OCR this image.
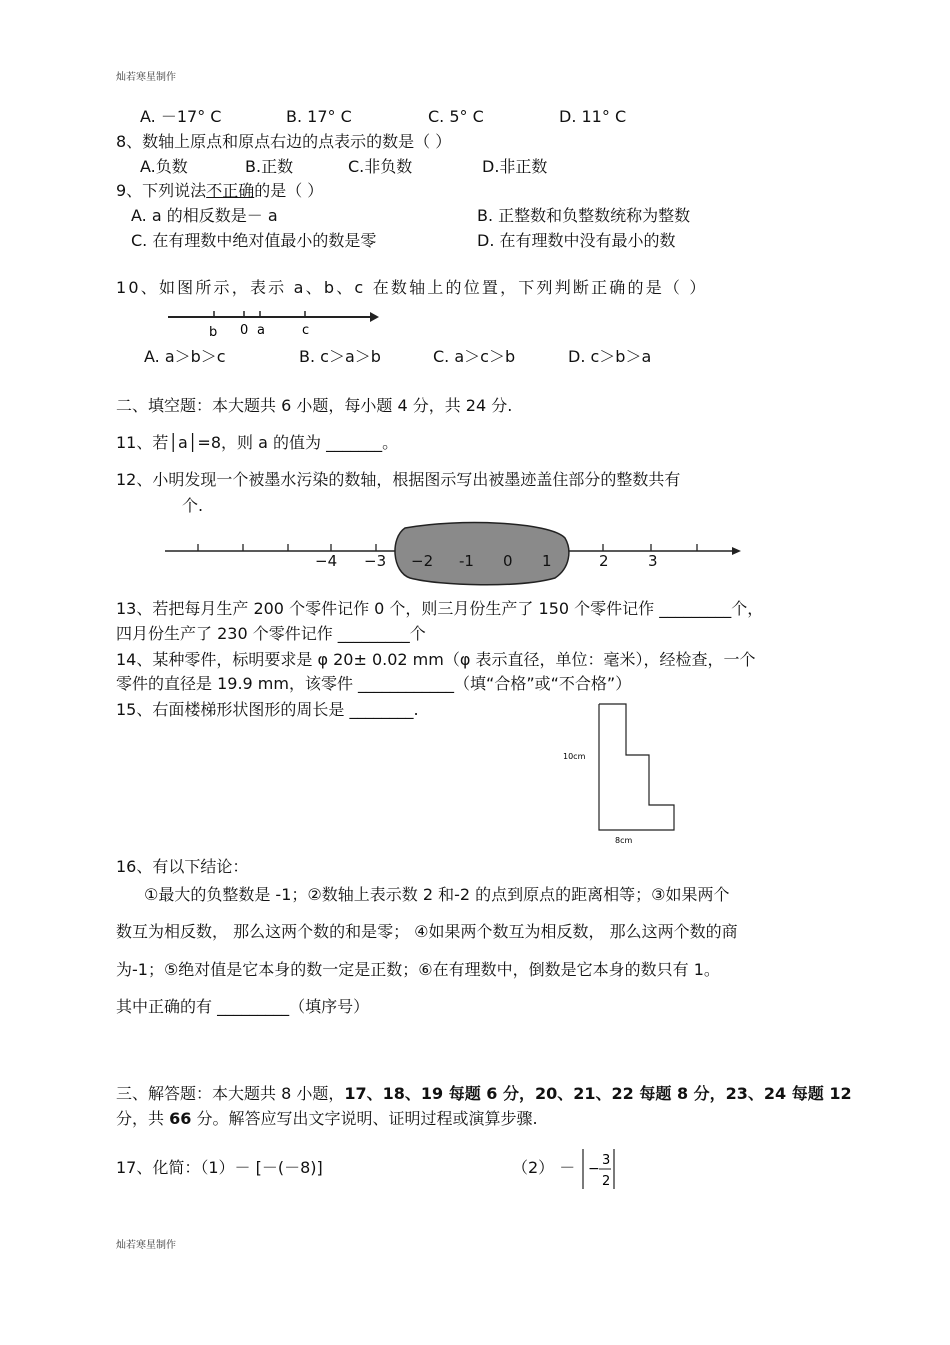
灿若寒星制作
A. －17° C	B. 17° C	C. 5° C	D. 11° C
8、数轴上原点和原点右边的点表示的数是（ ）
A.负数	B.正数	C.非负数	D.非正数
9、下列说法不正确的是（ ）
A. a 的相反数是－ a	B. 正整数和负整数统称为整数
C. 在有理数中绝对值最小的数是零	D. 在有理数中没有最小的数
10、如图所示，表示 a、b、c 在数轴上的位置，下列判断正确的是（ ）
b 0 a	c
A. a＞b＞c	B. c＞a＞b	C. a＞c＞b	D. c＞b＞a
二、填空题：本大题共 6 小题，每小题 4 分，共 24 分.
11、若│a│=8，则 a 的值为 _______。
12、小明发现一个被墨水污染的数轴，根据图示写出被墨迹盖住部分的整数共有
个.
−4 −3 −2 -1 0 1	2	3
13、若把每月生产 200 个零件记作 0 个，则三月份生产了 150 个零件记作 _________个，
四月份生产了 230 个零件记作 _________个
14、某种零件，标明要求是 φ 20± 0.02 mm（φ 表示直径，单位：毫米），经检查，一个
零件的直径是 19.9 mm，该零件 ____________（填“合格”或“不合格”）
15、右面楼梯形状图形的周长是 ________.
10cm
8cm
16、有以下结论：
①最大的负整数是 -1；②数轴上表示数 2 和-2 的点到原点的距离相等；③如果两个
数互为相反数， 那么这两个数的和是零； ④如果两个数互为相反数， 那么这两个数的商
为-1；⑤绝对值是它本身的数一定是正数；⑥在有理数中，倒数是它本身的数只有 1。
其中正确的有 _________（填序号）
三、解答题：本大题共 8 小题，17、18、19 每题 6 分，20、21、22 每题 8 分，23、24 每题 12
分，共 66 分。解答应写出文字说明、证明过程或演算步骤.
17、化简：（1）－ [－(－8)]	（2） － −
3
2
灿若寒星制作
